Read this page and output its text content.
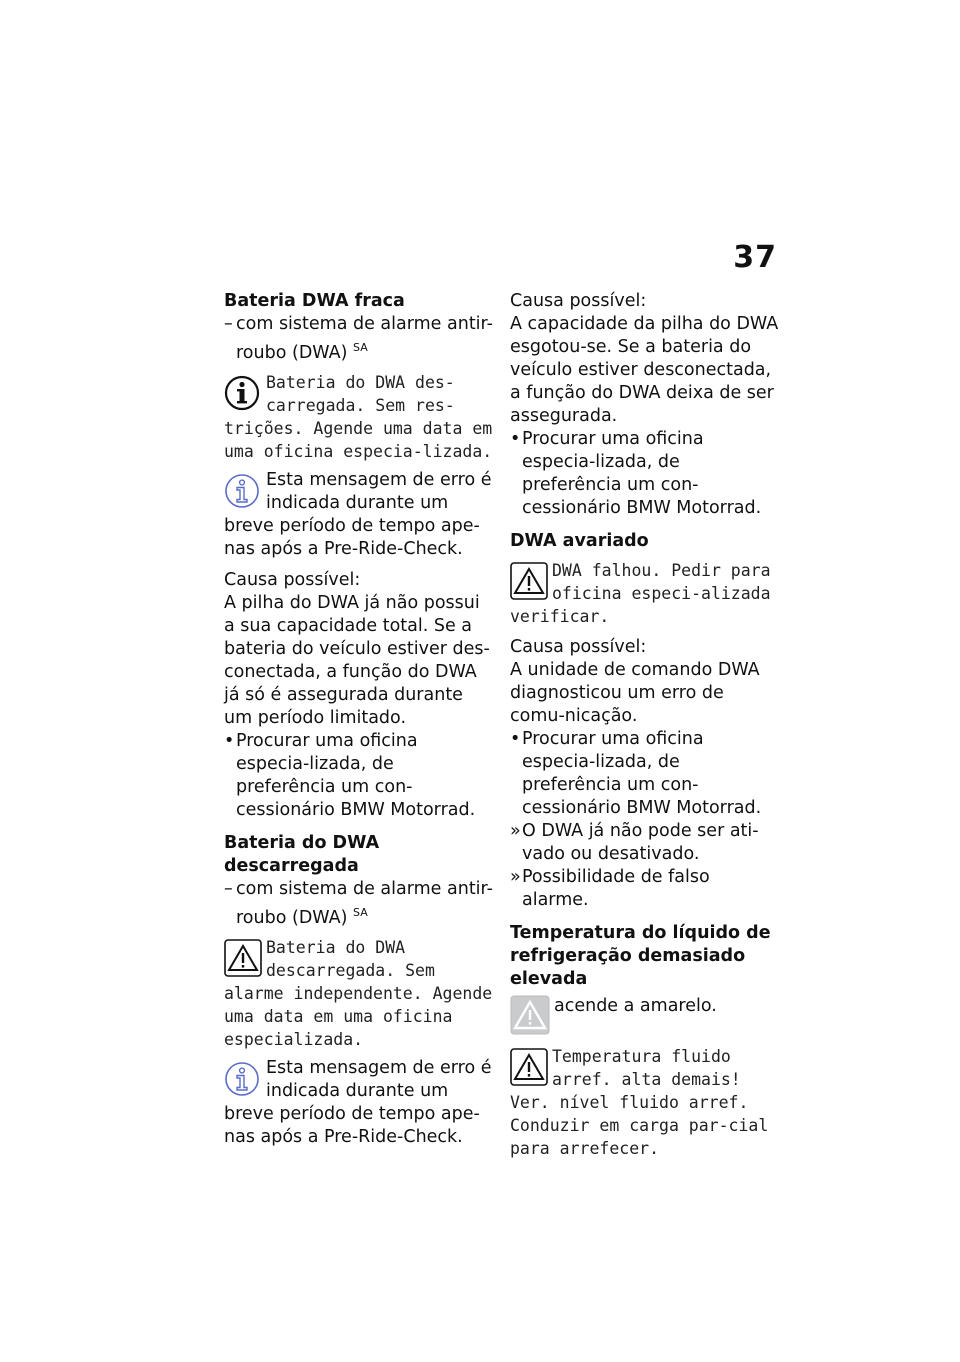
37

Bateria DWA fraca

– com sistema de alarme antir-roubo (DWA) $^{SA}$
Bateria do DWA des-carregada. Sem res-trições. Agende uma data em uma oficina especia-lizada.
Esta mensagem de erro é indicada durante um breve período de tempo ape-nas após a Pre-Ride-Check.

Causa possível:

A pilha do DWA já não possui a sua capacidade total. Se a bateria do veículo estiver des-conectada, a função do DWA já só é assegurada durante um período limitado.

• Procurar uma oficina especia-lizada, de preferência um con-cessionário BMW Motorrad.

Bateria do DWA descarregada

– com sistema de alarme antir-roubo (DWA) $^{SA}$
Bateria do DWA descarregada. Sem alarme independente. Agende uma data em uma oficina especializada.
Esta mensagem de erro é indicada durante um breve período de tempo ape-nas após a Pre-Ride-Check.

Causa possível:

A capacidade da pilha do DWA esgotou-se. Se a bateria do veículo estiver desconectada, a função do DWA deixa de ser assegurada.

• Procurar uma oficina especia-lizada, de preferência um con-cessionário BMW Motorrad.

DWA avariado

DWA falhou. Pedir para oficina especi-alizada verificar.

Causa possível:

A unidade de comando DWA diagnosticou um erro de comu-nicação.

• Procurar uma oficina especia-lizada, de preferência um con-cessionário BMW Motorrad.
» O DWA já não pode ser ati-vado ou desativado.
» Possibilidade de falso alarme.

Temperatura do líquido de refrigeração demasiado elevada

acende a amarelo.
Temperatura fluido arref. alta demais! Ver. nível fluido arref. Conduzir em carga par-cial para arrefecer.
